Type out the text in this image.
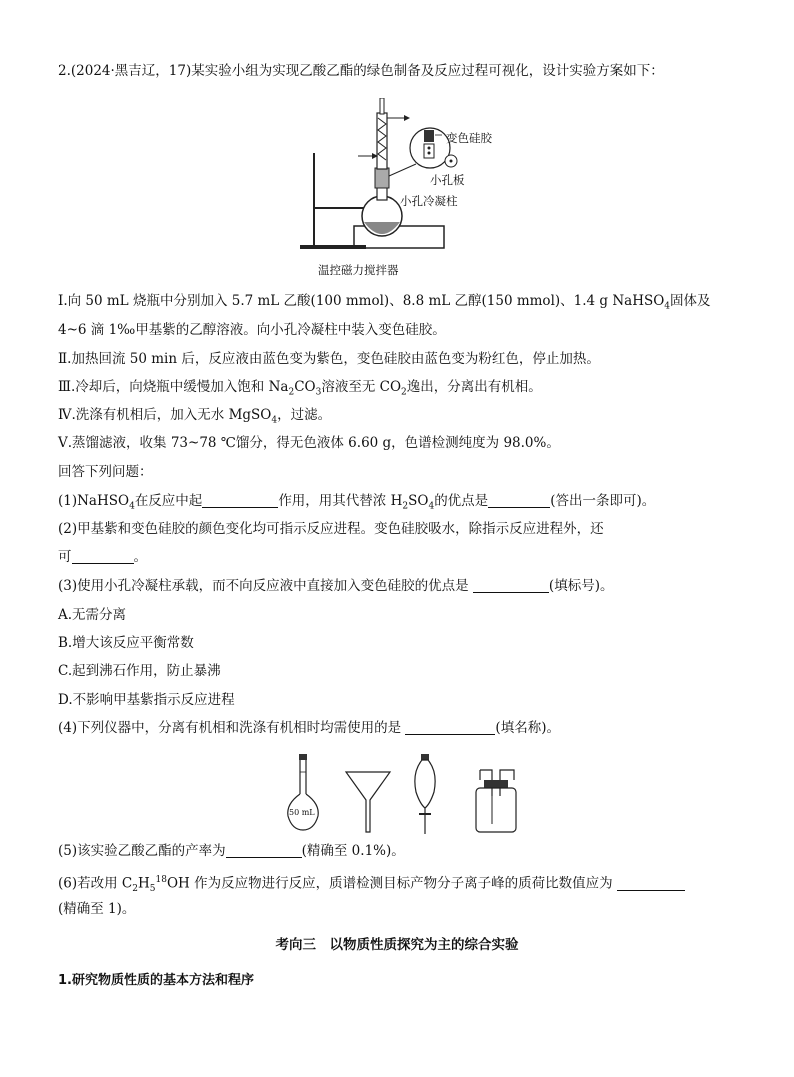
2.(2024·黑吉辽，17)某实验小组为实现乙酸乙酯的绿色制备及反应过程可视化，设计实验方案如下：
变色硅胶
小孔板
小孔冷凝柱
温控磁力搅拌器
Ⅰ.向 50 mL 烧瓶中分别加入 5.7 mL 乙酸(100 mmol)、8.8 mL 乙醇(150 mmol)、1.4 g NaHSO$_4$固体及
4~6 滴 1‰甲基紫的乙醇溶液。向小孔冷凝柱中装入变色硅胶。
Ⅱ.加热回流 50 min 后，反应液由蓝色变为紫色，变色硅胶由蓝色变为粉红色，停止加热。
Ⅲ.冷却后，向烧瓶中缓慢加入饱和 $Na_2CO_3$溶液至无 $CO_2$逸出，分离出有机相。
Ⅳ.洗涤有机相后，加入无水 MgSO$_4$，过滤。
Ⅴ.蒸馏滤液，收集 73~78 ℃馏分，得无色液体 6.60 g，色谱检测纯度为 98.0%。
回答下列问题：
(1)NaHSO$_4$在反应中起	作用，用其代替浓 $H_2SO_4$的优点是	(答出一条即可)。
(2)甲基紫和变色硅胶的颜色变化均可指示反应进程。变色硅胶吸水，除指示反应进程外，还
可	。
(3)使用小孔冷凝柱承载，而不向反应液中直接加入变色硅胶的优点是	(填标号)。
A.无需分离
B.增大该反应平衡常数
C.起到沸石作用，防止暴沸
D.不影响甲基紫指示反应进程
(4)下列仪器中，分离有机相和洗涤有机相时均需使用的是	(填名称)。
50 mL
(5)该实验乙酸乙酯的产率为	(精确至 0.1%)。
(6)若改用 $C_2H_5^{18}OH$ 作为反应物进行反应，质谱检测目标产物分子离子峰的质荷比数值应为
(精确至 1)。
考向三　以物质性质探究为主的综合实验
1.研究物质性质的基本方法和程序
